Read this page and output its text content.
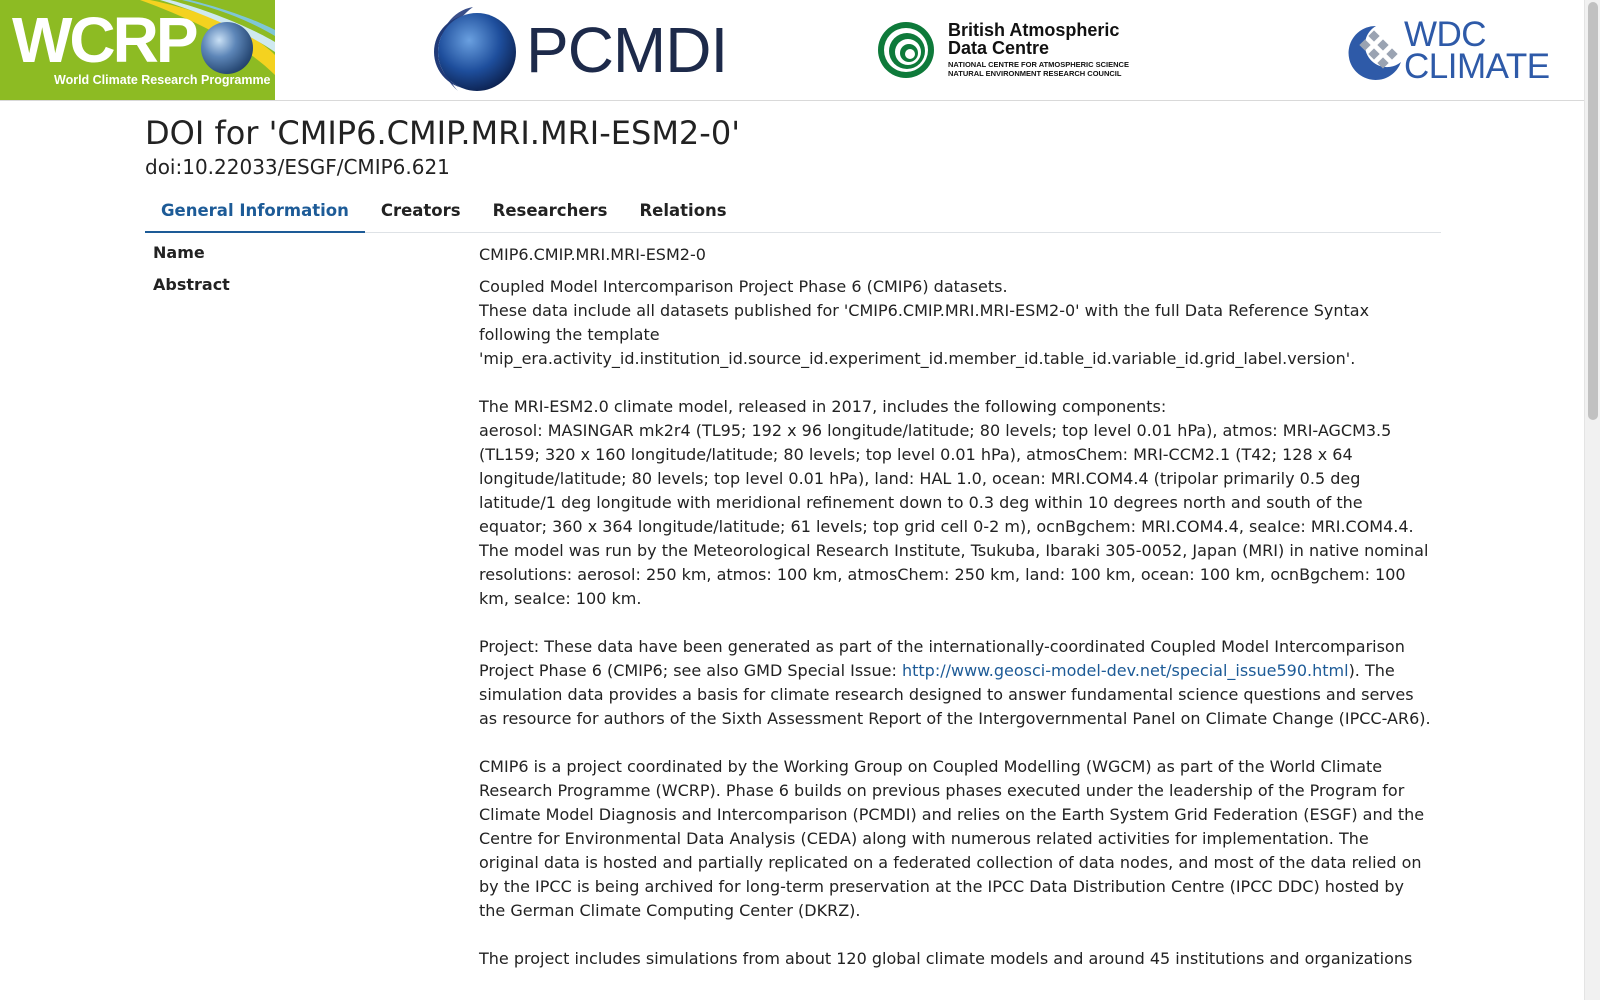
WCRP
World Climate Research Programme	PCMDI	British Atmospheric
Data Centre
NATIONAL CENTRE FOR ATMOSPHERIC SCIENCE
NATURAL ENVIRONMENT RESEARCH COUNCIL
WDC
CLIMATE
DOI for 'CMIP6.CMIP.MRI.MRI-ESM2-0'
doi:10.22033/ESGF/CMIP6.621
General Information	Creators	Researchers	Relations
Name	CMIP6.CMIP.MRI.MRI-ESM2-0
Abstract	Coupled Model Intercomparison Project Phase 6 (CMIP6) datasets.

These data include all datasets published for 'CMIP6.CMIP.MRI.MRI-ESM2-0' with the full Data Reference Syntax following the template 'mip_era.activity_id.institution_id.source_id.experiment_id.member_id.table_id.variable_id.grid_label.version'.

The MRI-ESM2.0 climate model, released in 2017, includes the following components:

aerosol: MASINGAR mk2r4 (TL95; 192 x 96 longitude/latitude; 80 levels; top level 0.01 hPa), atmos: MRI-AGCM3.5 (TL159; 320 x 160 longitude/latitude; 80 levels; top level 0.01 hPa), atmosChem: MRI-CCM2.1 (T42; 128 x 64 longitude/latitude; 80 levels; top level 0.01 hPa), land: HAL 1.0, ocean: MRI.COM4.4 (tripolar primarily 0.5 deg latitude/1 deg longitude with meridional refinement down to 0.3 deg within 10 degrees north and south of the equator; 360 x 364 longitude/latitude; 61 levels; top grid cell 0-2 m), ocnBgchem: MRI.COM4.4, seaIce: MRI.COM4.4.

The model was run by the Meteorological Research Institute, Tsukuba, Ibaraki 305-0052, Japan (MRI) in native nominal resolutions: aerosol: 250 km, atmos: 100 km, atmosChem: 250 km, land: 100 km, ocean: 100 km, ocnBgchem: 100 km, seaIce: 100 km.

Project: These data have been generated as part of the internationally-coordinated Coupled Model Intercomparison Project Phase 6 (CMIP6; see also GMD Special Issue: http://www.geosci-model-dev.net/special_issue590.html). The simulation data provides a basis for climate research designed to answer fundamental science questions and serves as resource for authors of the Sixth Assessment Report of the Intergovernmental Panel on Climate Change (IPCC-AR6).

CMIP6 is a project coordinated by the Working Group on Coupled Modelling (WGCM) as part of the World Climate Research Programme (WCRP). Phase 6 builds on previous phases executed under the leadership of the Program for Climate Model Diagnosis and Intercomparison (PCMDI) and relies on the Earth System Grid Federation (ESGF) and the Centre for Environmental Data Analysis (CEDA) along with numerous related activities for implementation. The original data is hosted and partially replicated on a federated collection of data nodes, and most of the data relied on by the IPCC is being archived for long-term preservation at the IPCC Data Distribution Centre (IPCC DDC) hosted by the German Climate Computing Center (DKRZ).

The project includes simulations from about 120 global climate models and around 45 institutions and organizations
